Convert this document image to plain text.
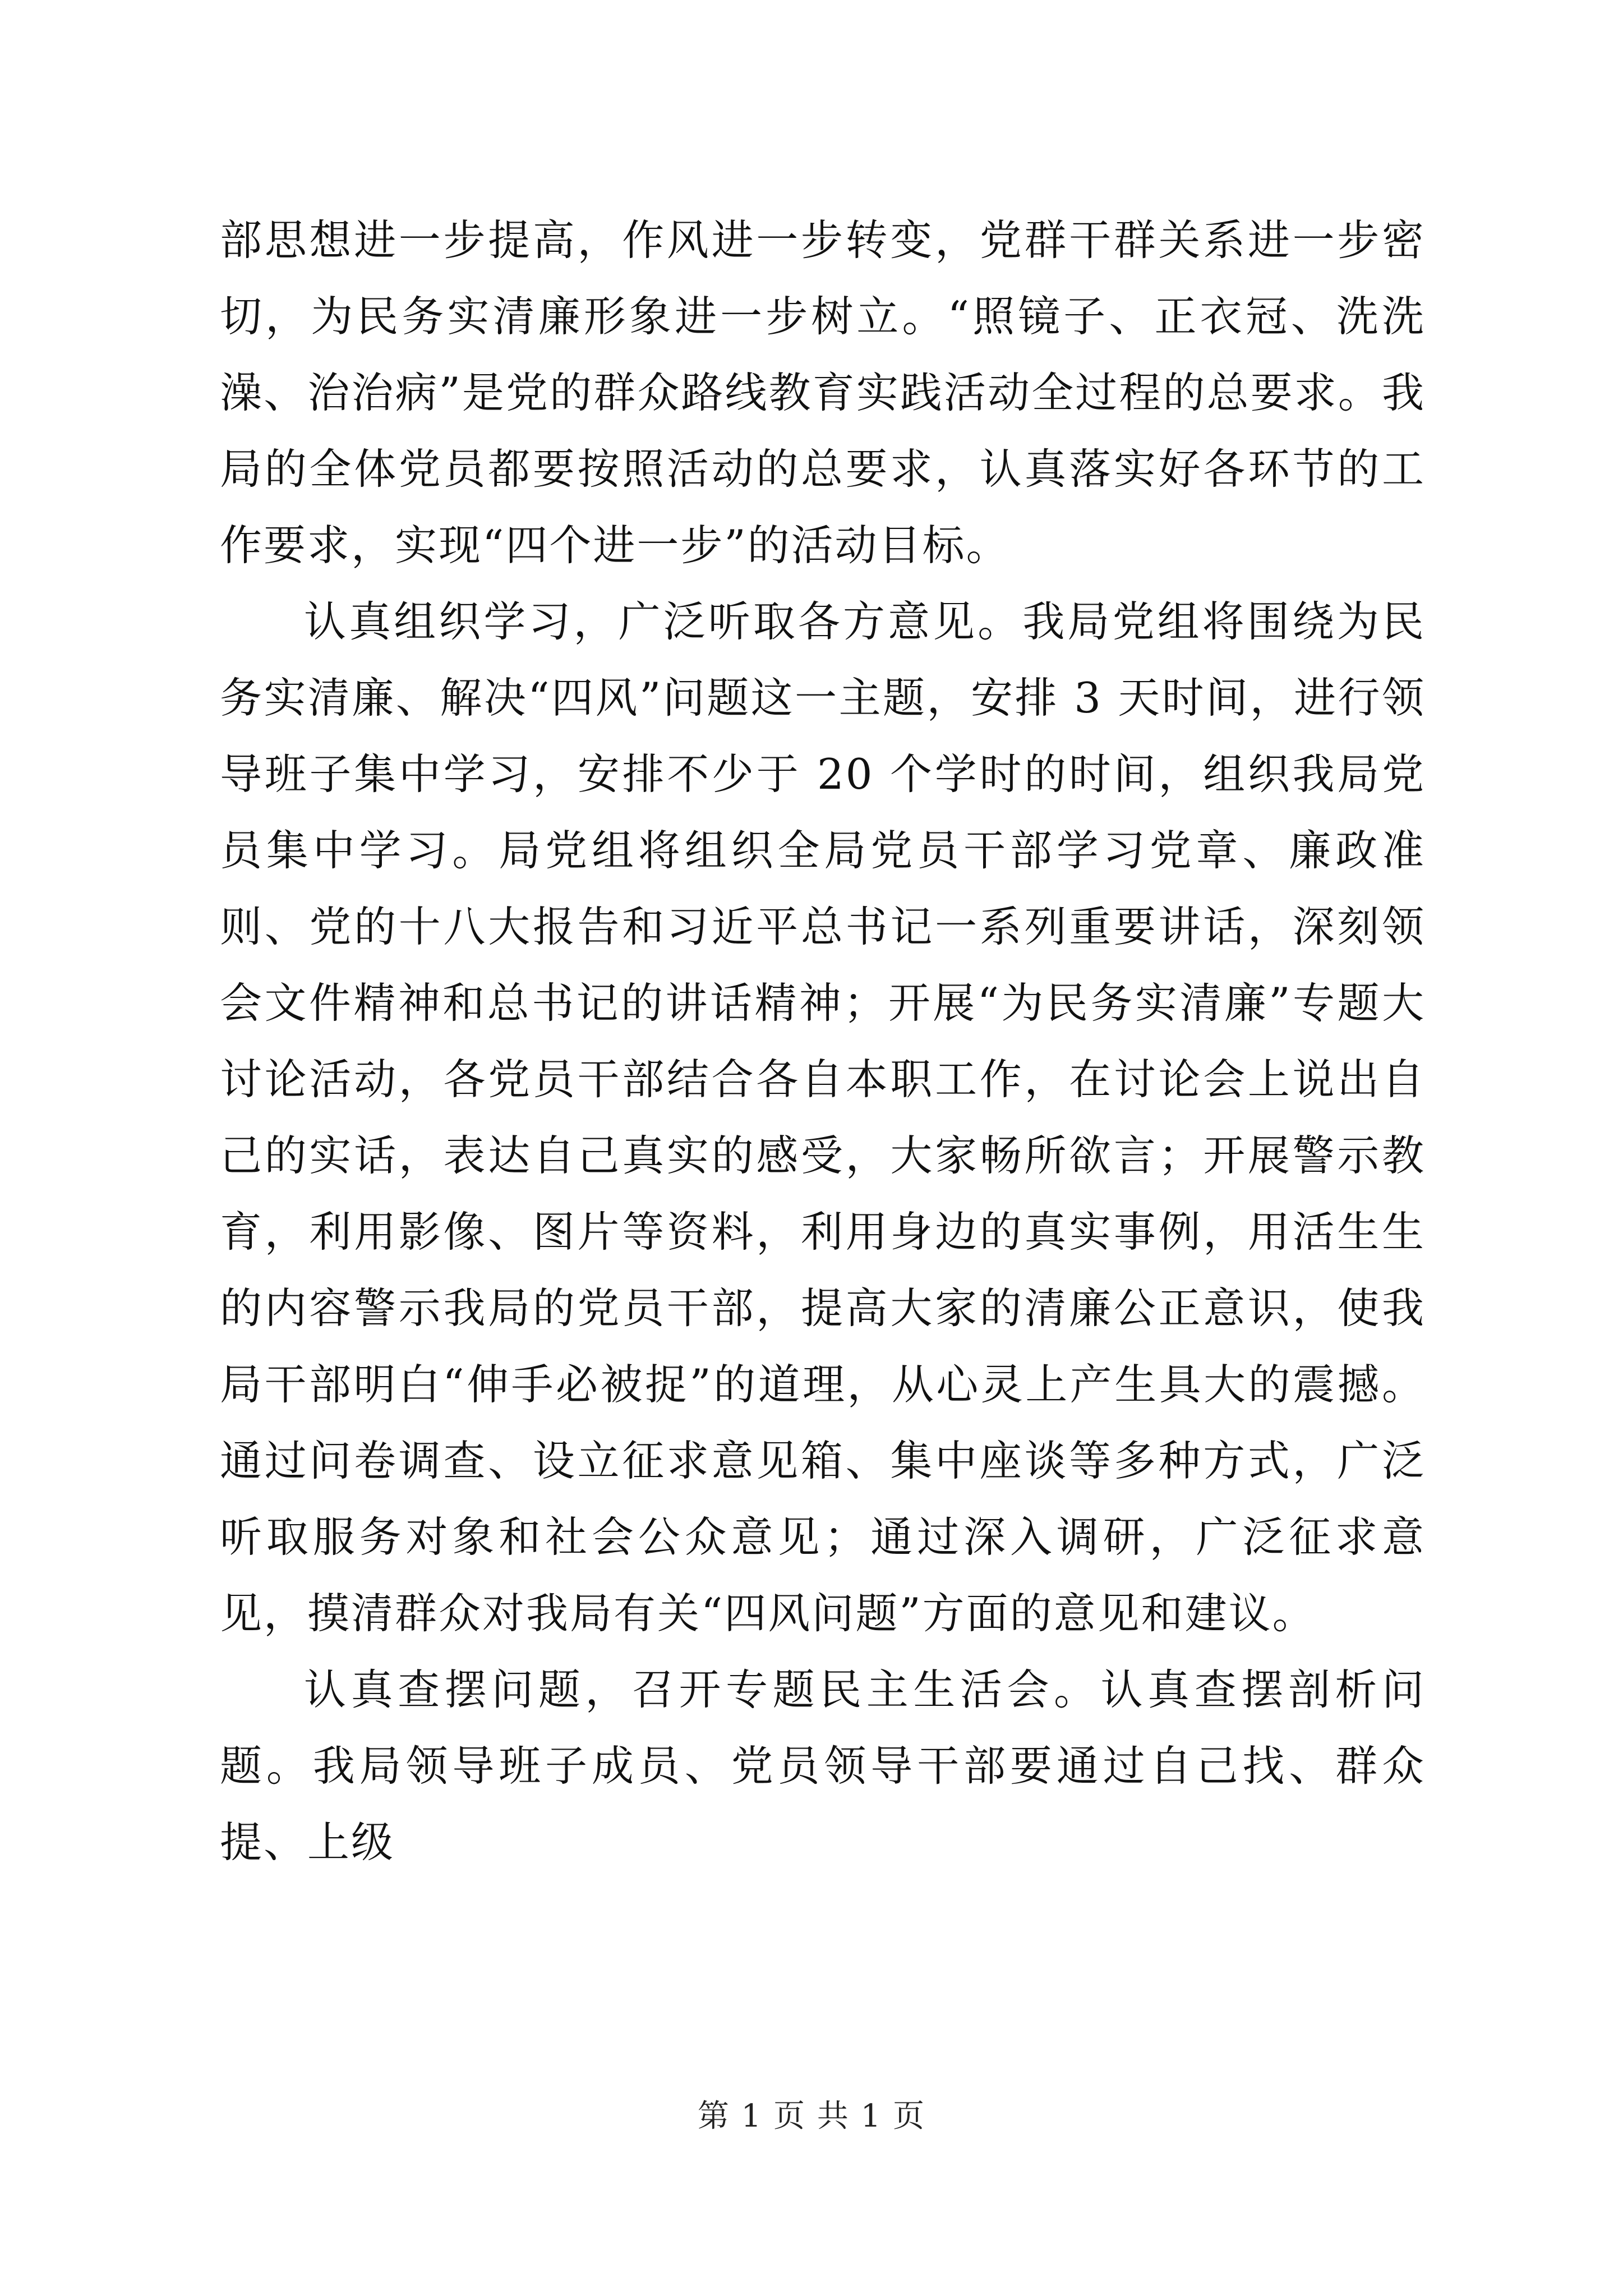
部思想进一步提高，作风进一步转变，党群干群关系进一步密切，为民务实清廉形象进一步树立。“照镜子、正衣冠、洗洗澡、治治病”是党的群众路线教育实践活动全过程的总要求。我局的全体党员都要按照活动的总要求，认真落实好各环节的工作要求，实现“四个进一步”的活动目标。

认真组织学习，广泛听取各方意见。我局党组将围绕为民务实清廉、解决“四风”问题这一主题，安排 3 天时间，进行领导班子集中学习，安排不少于 20 个学时的时间，组织我局党员集中学习。局党组将组织全局党员干部学习党章、廉政准则、党的十八大报告和习近平总书记一系列重要讲话，深刻领会文件精神和总书记的讲话精神；开展“为民务实清廉”专题大讨论活动，各党员干部结合各自本职工作，在讨论会上说出自己的实话，表达自己真实的感受，大家畅所欲言；开展警示教育，利用影像、图片等资料，利用身边的真实事例，用活生生的内容警示我局的党员干部，提高大家的清廉公正意识，使我局干部明白“伸手必被捉”的道理，从心灵上产生具大的震撼。通过问卷调查、设立征求意见箱、集中座谈等多种方式，广泛听取服务对象和社会公众意见；通过深入调研，广泛征求意见，摸清群众对我局有关“四风问题”方面的意见和建议。

认真查摆问题，召开专题民主生活会。认真查摆剖析问题。我局领导班子成员、党员领导干部要通过自己找、群众提、上级

第 1 页 共 1 页
